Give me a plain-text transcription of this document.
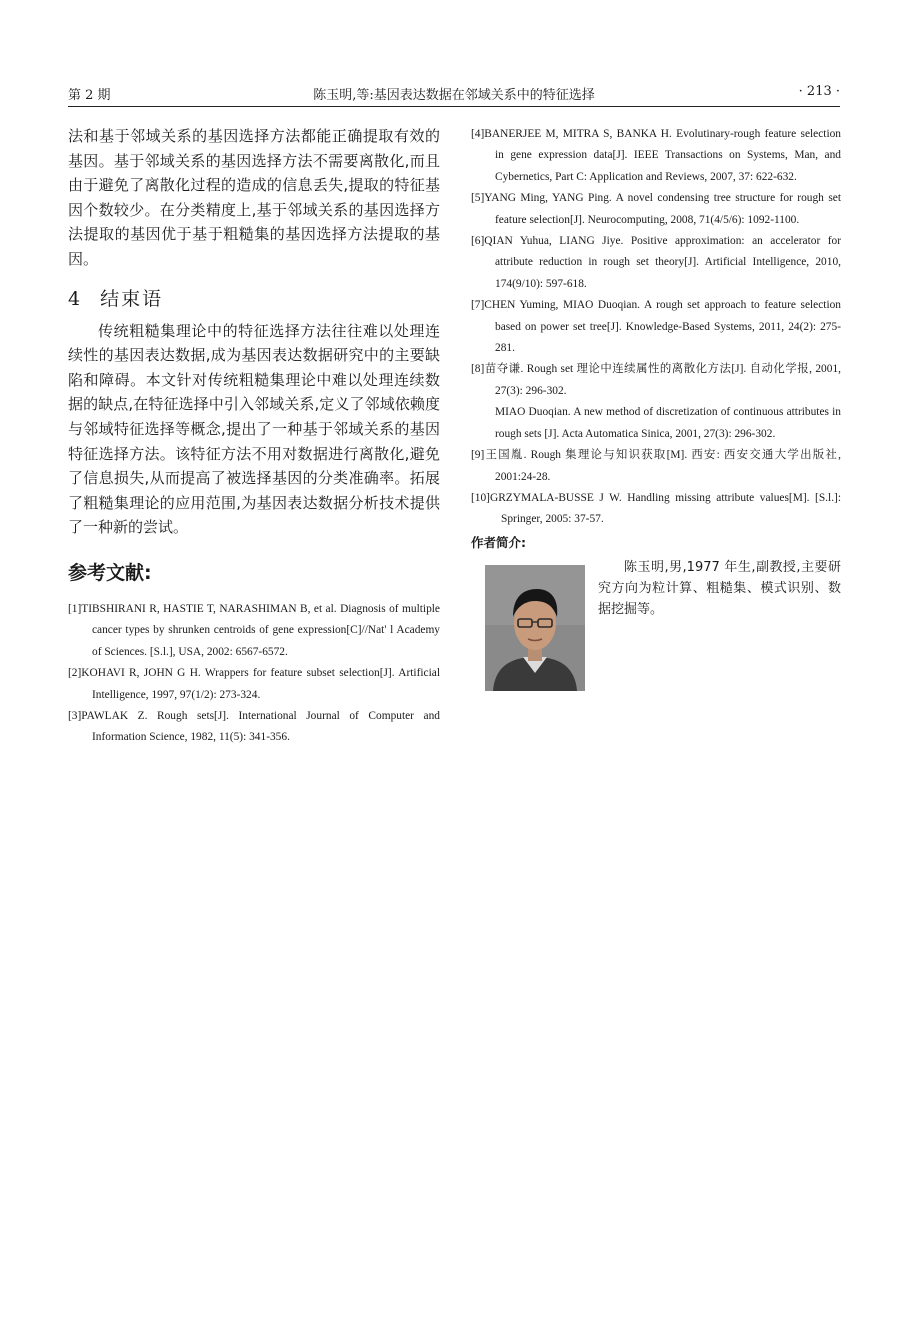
第 2 期	陈玉明,等:基因表达数据在邻域关系中的特征选择	· 213 ·

法和基于邻域关系的基因选择方法都能正确提取有效的基因。基于邻域关系的基因选择方法不需要离散化,而且由于避免了离散化过程的造成的信息丢失,提取的特征基因个数较少。在分类精度上,基于邻域关系的基因选择方法提取的基因优于基于粗糙集的基因选择方法提取的基因。

4 结束语

传统粗糙集理论中的特征选择方法往往难以处理连续性的基因表达数据,成为基因表达数据研究中的主要缺陷和障碍。本文针对传统粗糙集理论中难以处理连续数据的缺点,在特征选择中引入邻域关系,定义了邻域依赖度与邻域特征选择等概念,提出了一种基于邻域关系的基因特征选择方法。该特征方法不用对数据进行离散化,避免了信息损失,从而提高了被选择基因的分类准确率。拓展了粗糙集理论的应用范围,为基因表达数据分析技术提供了一种新的尝试。

参考文献:

[1]TIBSHIRANI R, HASTIE T, NARASHIMAN B, et al. Diagnosis of multiple cancer types by shrunken centroids of gene expression[C]//Nat' l Academy of Sciences. [S.l.], USA, 2002: 6567-6572.

[2]KOHAVI R, JOHN G H. Wrappers for feature subset selection[J]. Artificial Intelligence, 1997, 97(1/2): 273-324.

[3]PAWLAK Z. Rough sets[J]. International Journal of Computer and Information Science, 1982, 11(5): 341-356.

[4]BANERJEE M, MITRA S, BANKA H. Evolutinary-rough feature selection in gene expression data[J]. IEEE Transactions on Systems, Man, and Cybernetics, Part C: Application and Reviews, 2007, 37: 622-632.

[5]YANG Ming, YANG Ping. A novel condensing tree structure for rough set feature selection[J]. Neurocomputing, 2008, 71(4/5/6): 1092-1100.

[6]QIAN Yuhua, LIANG Jiye. Positive approximation: an accelerator for attribute reduction in rough set theory[J]. Artificial Intelligence, 2010, 174(9/10): 597-618.

[7]CHEN Yuming, MIAO Duoqian. A rough set approach to feature selection based on power set tree[J]. Knowledge-Based Systems, 2011, 24(2): 275-281.

[8]苗夺谦. Rough set 理论中连续属性的离散化方法[J]. 自动化学报, 2001, 27(3): 296-302.

MIAO Duoqian. A new method of discretization of continuous attributes in rough sets [J]. Acta Automatica Sinica, 2001, 27(3): 296-302.

[9]王国胤. Rough 集理论与知识获取[M]. 西安: 西安交通大学出版社, 2001:24-28.

[10]GRZYMALA-BUSSE J W. Handling missing attribute values[M]. [S.l.]: Springer, 2005: 37-57.

作者简介:

陈玉明,男,1977 年生,副教授,主要研究方向为粒计算、粗糙集、模式识别、数据挖掘等。
